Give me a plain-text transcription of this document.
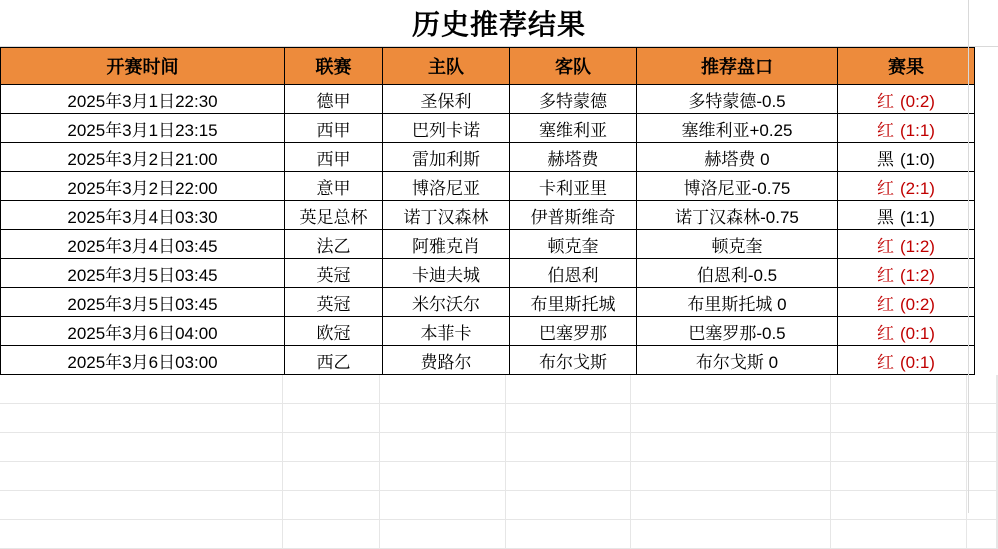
历史推荐结果
开赛时间	联赛	主队	客队	推荐盘口	赛果
2025年3月1日22:30	德甲	圣保利	多特蒙德	多特蒙德-0.5	红 (0:2)
2025年3月1日23:15	西甲	巴列卡诺	塞维利亚	塞维利亚+0.25	红 (1:1)
2025年3月2日21:00	西甲	雷加利斯	赫塔费	赫塔费 0	黑 (1:0)
2025年3月2日22:00	意甲	博洛尼亚	卡利亚里	博洛尼亚-0.75	红 (2:1)
2025年3月4日03:30	英足总杯	诺丁汉森林	伊普斯维奇	诺丁汉森林-0.75	黑 (1:1)
2025年3月4日03:45	法乙	阿雅克肖	顿克奎	顿克奎	红 (1:2)
2025年3月5日03:45	英冠	卡迪夫城	伯恩利	伯恩利-0.5	红 (1:2)
2025年3月5日03:45	英冠	米尔沃尔	布里斯托城	布里斯托城 0	红 (0:2)
2025年3月6日04:00	欧冠	本菲卡	巴塞罗那	巴塞罗那-0.5	红 (0:1)
2025年3月6日03:00	西乙	费路尔	布尔戈斯	布尔戈斯 0	红 (0:1)
